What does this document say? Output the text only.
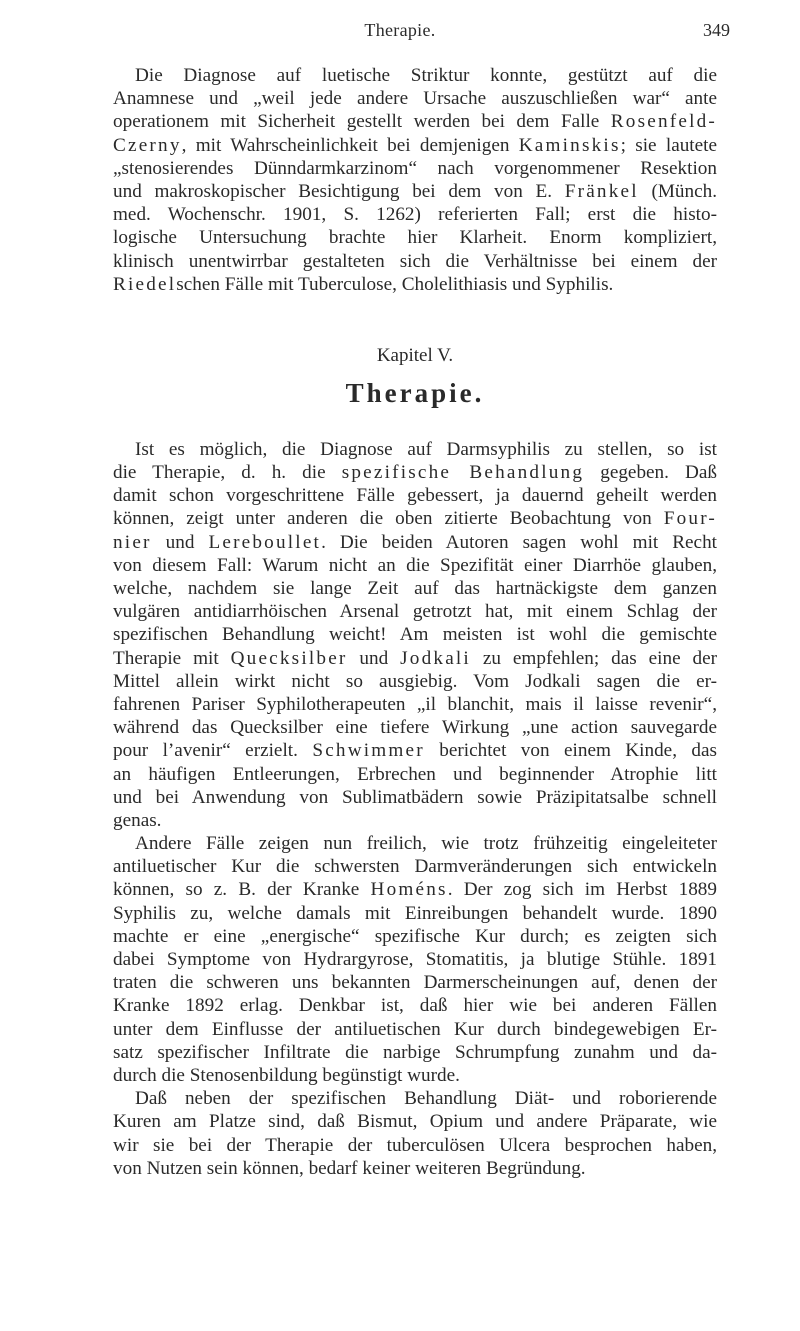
Therapie.	349
Die Diagnose auf luetische Striktur konnte, gestützt auf die
Anamnese und „weil jede andere Ursache auszuschließen war“ ante
operationem mit Sicherheit gestellt werden bei dem Falle Rosenfeld-
Czerny, mit Wahrscheinlichkeit bei demjenigen Kaminskis; sie lautete
„stenosierendes Dünndarmkarzinom“ nach vorgenommener Resektion
und makroskopischer Besichtigung bei dem von E. Fränkel (Münch.
med. Wochenschr. 1901, S. 1262) referierten Fall; erst die histo-
logische Untersuchung brachte hier Klarheit. Enorm kompliziert,
klinisch unentwirrbar gestalteten sich die Verhältnisse bei einem der
Riedelschen Fälle mit Tuberculose, Cholelithiasis und Syphilis.
Kapitel V.
Therapie.
Ist es möglich, die Diagnose auf Darmsyphilis zu stellen, so ist
die Therapie, d. h. die spezifische Behandlung gegeben. Daß
damit schon vorgeschrittene Fälle gebessert, ja dauernd geheilt werden
können, zeigt unter anderen die oben zitierte Beobachtung von Four-
nier und Lereboullet. Die beiden Autoren sagen wohl mit Recht
von diesem Fall: Warum nicht an die Spezifität einer Diarrhöe glauben,
welche, nachdem sie lange Zeit auf das hartnäckigste dem ganzen
vulgären antidiarrhöischen Arsenal getrotzt hat, mit einem Schlag der
spezifischen Behandlung weicht! Am meisten ist wohl die gemischte
Therapie mit Quecksilber und Jodkali zu empfehlen; das eine der
Mittel allein wirkt nicht so ausgiebig. Vom Jodkali sagen die er-
fahrenen Pariser Syphilotherapeuten „il blanchit, mais il laisse revenir“,
während das Quecksilber eine tiefere Wirkung „une action sauvegarde
pour l’avenir“ erzielt. Schwimmer berichtet von einem Kinde, das
an häufigen Entleerungen, Erbrechen und beginnender Atrophie litt
und bei Anwendung von Sublimatbädern sowie Präzipitatsalbe schnell
genas.
Andere Fälle zeigen nun freilich, wie trotz frühzeitig eingeleiteter
antiluetischer Kur die schwersten Darmveränderungen sich entwickeln
können, so z. B. der Kranke Homéns. Der zog sich im Herbst 1889
Syphilis zu, welche damals mit Einreibungen behandelt wurde. 1890
machte er eine „energische“ spezifische Kur durch; es zeigten sich
dabei Symptome von Hydrargyrose, Stomatitis, ja blutige Stühle. 1891
traten die schweren uns bekannten Darmerscheinungen auf, denen der
Kranke 1892 erlag. Denkbar ist, daß hier wie bei anderen Fällen
unter dem Einflusse der antiluetischen Kur durch bindegewebigen Er-
satz spezifischer Infiltrate die narbige Schrumpfung zunahm und da-
durch die Stenosenbildung begünstigt wurde.
Daß neben der spezifischen Behandlung Diät- und roborierende
Kuren am Platze sind, daß Bismut, Opium und andere Präparate, wie
wir sie bei der Therapie der tuberculösen Ulcera besprochen haben,
von Nutzen sein können, bedarf keiner weiteren Begründung.
